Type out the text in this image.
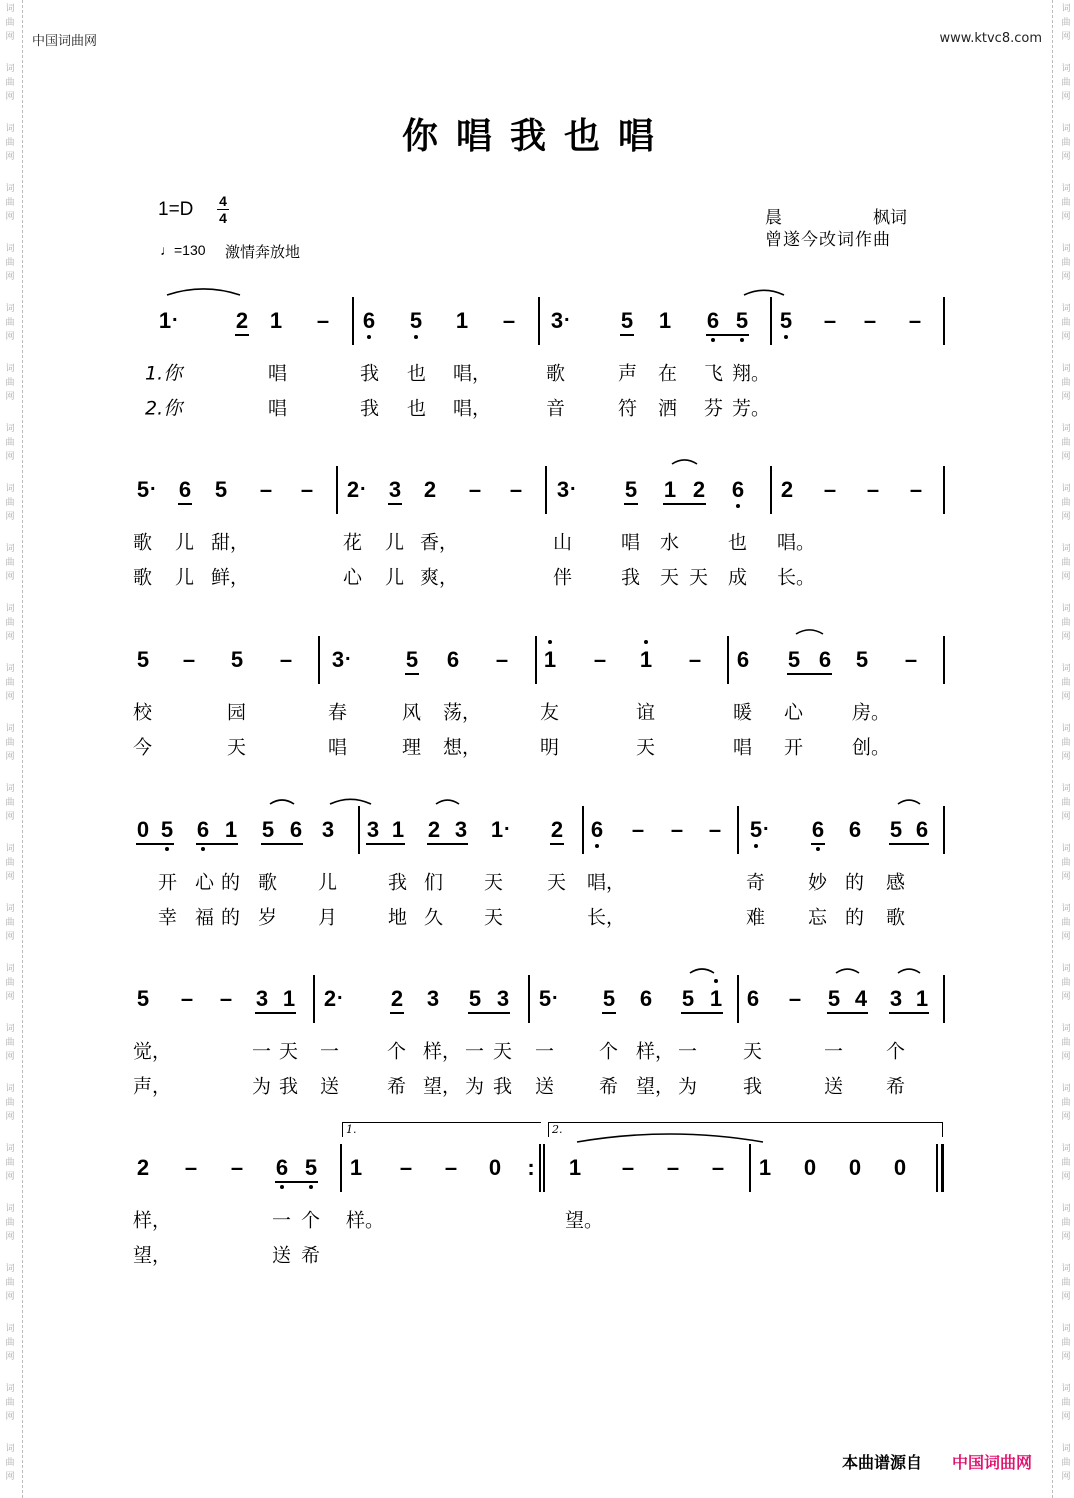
词
曲
网
词
曲
网
词
曲
网
词
曲
网
词
曲
网
词
曲
网
词
曲
网
词
曲
网
词
曲
网
词
曲
网
词
曲
网
词
曲
网
词
曲
网
词
曲
网
词
曲
网
词
曲
网
词
曲
网
词
曲
网
词
曲
网
词
曲
网
词
曲
网
词
曲
网
词
曲
网
词
曲
网
词
曲
网
词
曲
网
词
曲
网
词
曲
网
词
曲
网
词
曲
网
词
曲
网
词
曲
网
词
曲
网
词
曲
网
词
曲
网
词
曲
网
词
曲
网
词
曲
网
词
曲
网
词
曲
网
词
曲
网
词
曲
网
词
曲
网
词
曲
网
词
曲
网
词
曲
网
词
曲
网
词
曲
网
词
曲
网
词
曲
网
中国词曲网	www.ktvc8.com
你唱我也唱
1=D 4
4
♩=130 激情奔放地
晨	枫词
曾遂今改词作曲
1 ·	2 1 – 6 5 1 – 3 · 5 1 6 5 5 – – –
1.你	唱	我 也 唱，	歌	声 在 飞 翔。
2.你	唱	我 也 唱，	音	符 洒 芬 芳。
5 · 6 5 – – 2 · 3 2 – – 3 · 5 1 2 6 2 – – –
歌 儿 甜，	花 儿 香，	山	唱 水	也 唱。
歌 儿 鲜，	心 儿 爽，	伴	我 天 天 成 长。
5 – 5 – 3 · 5 6 – 1 – 1 – 6 5 6 5 –
校	园	春	风 荡，	友	谊	暖 心	房。
今	天	唱	理 想，	明	天	唱 开	创。
0 5 6 1 5 6 3 3 1 2 3 1 · 2 6 – – – 5 · 6 6 5 6
开 心 的 歌 儿	我 们 天 天 唱，	奇 妙 的 感
幸 福 的 岁 月	地 久 天	长，	难 忘 的 歌
5 – – 3 1 2 · 2 3 5 3 5 · 5 6 5 1 6 – 5 4 3 1
觉，	一 天 一	个 样， 一 天 一 个 样， 一 天	一 个
声，	为 我 送	希 望， 为 我 送 希 望， 为 我	送 希
2 – – 6 5 1 – – 0 : 1 – – – 1 0 0 0
1.	2.
样，	一 个 样。	望。
望，	送 希
本曲谱源自 中国词曲网
